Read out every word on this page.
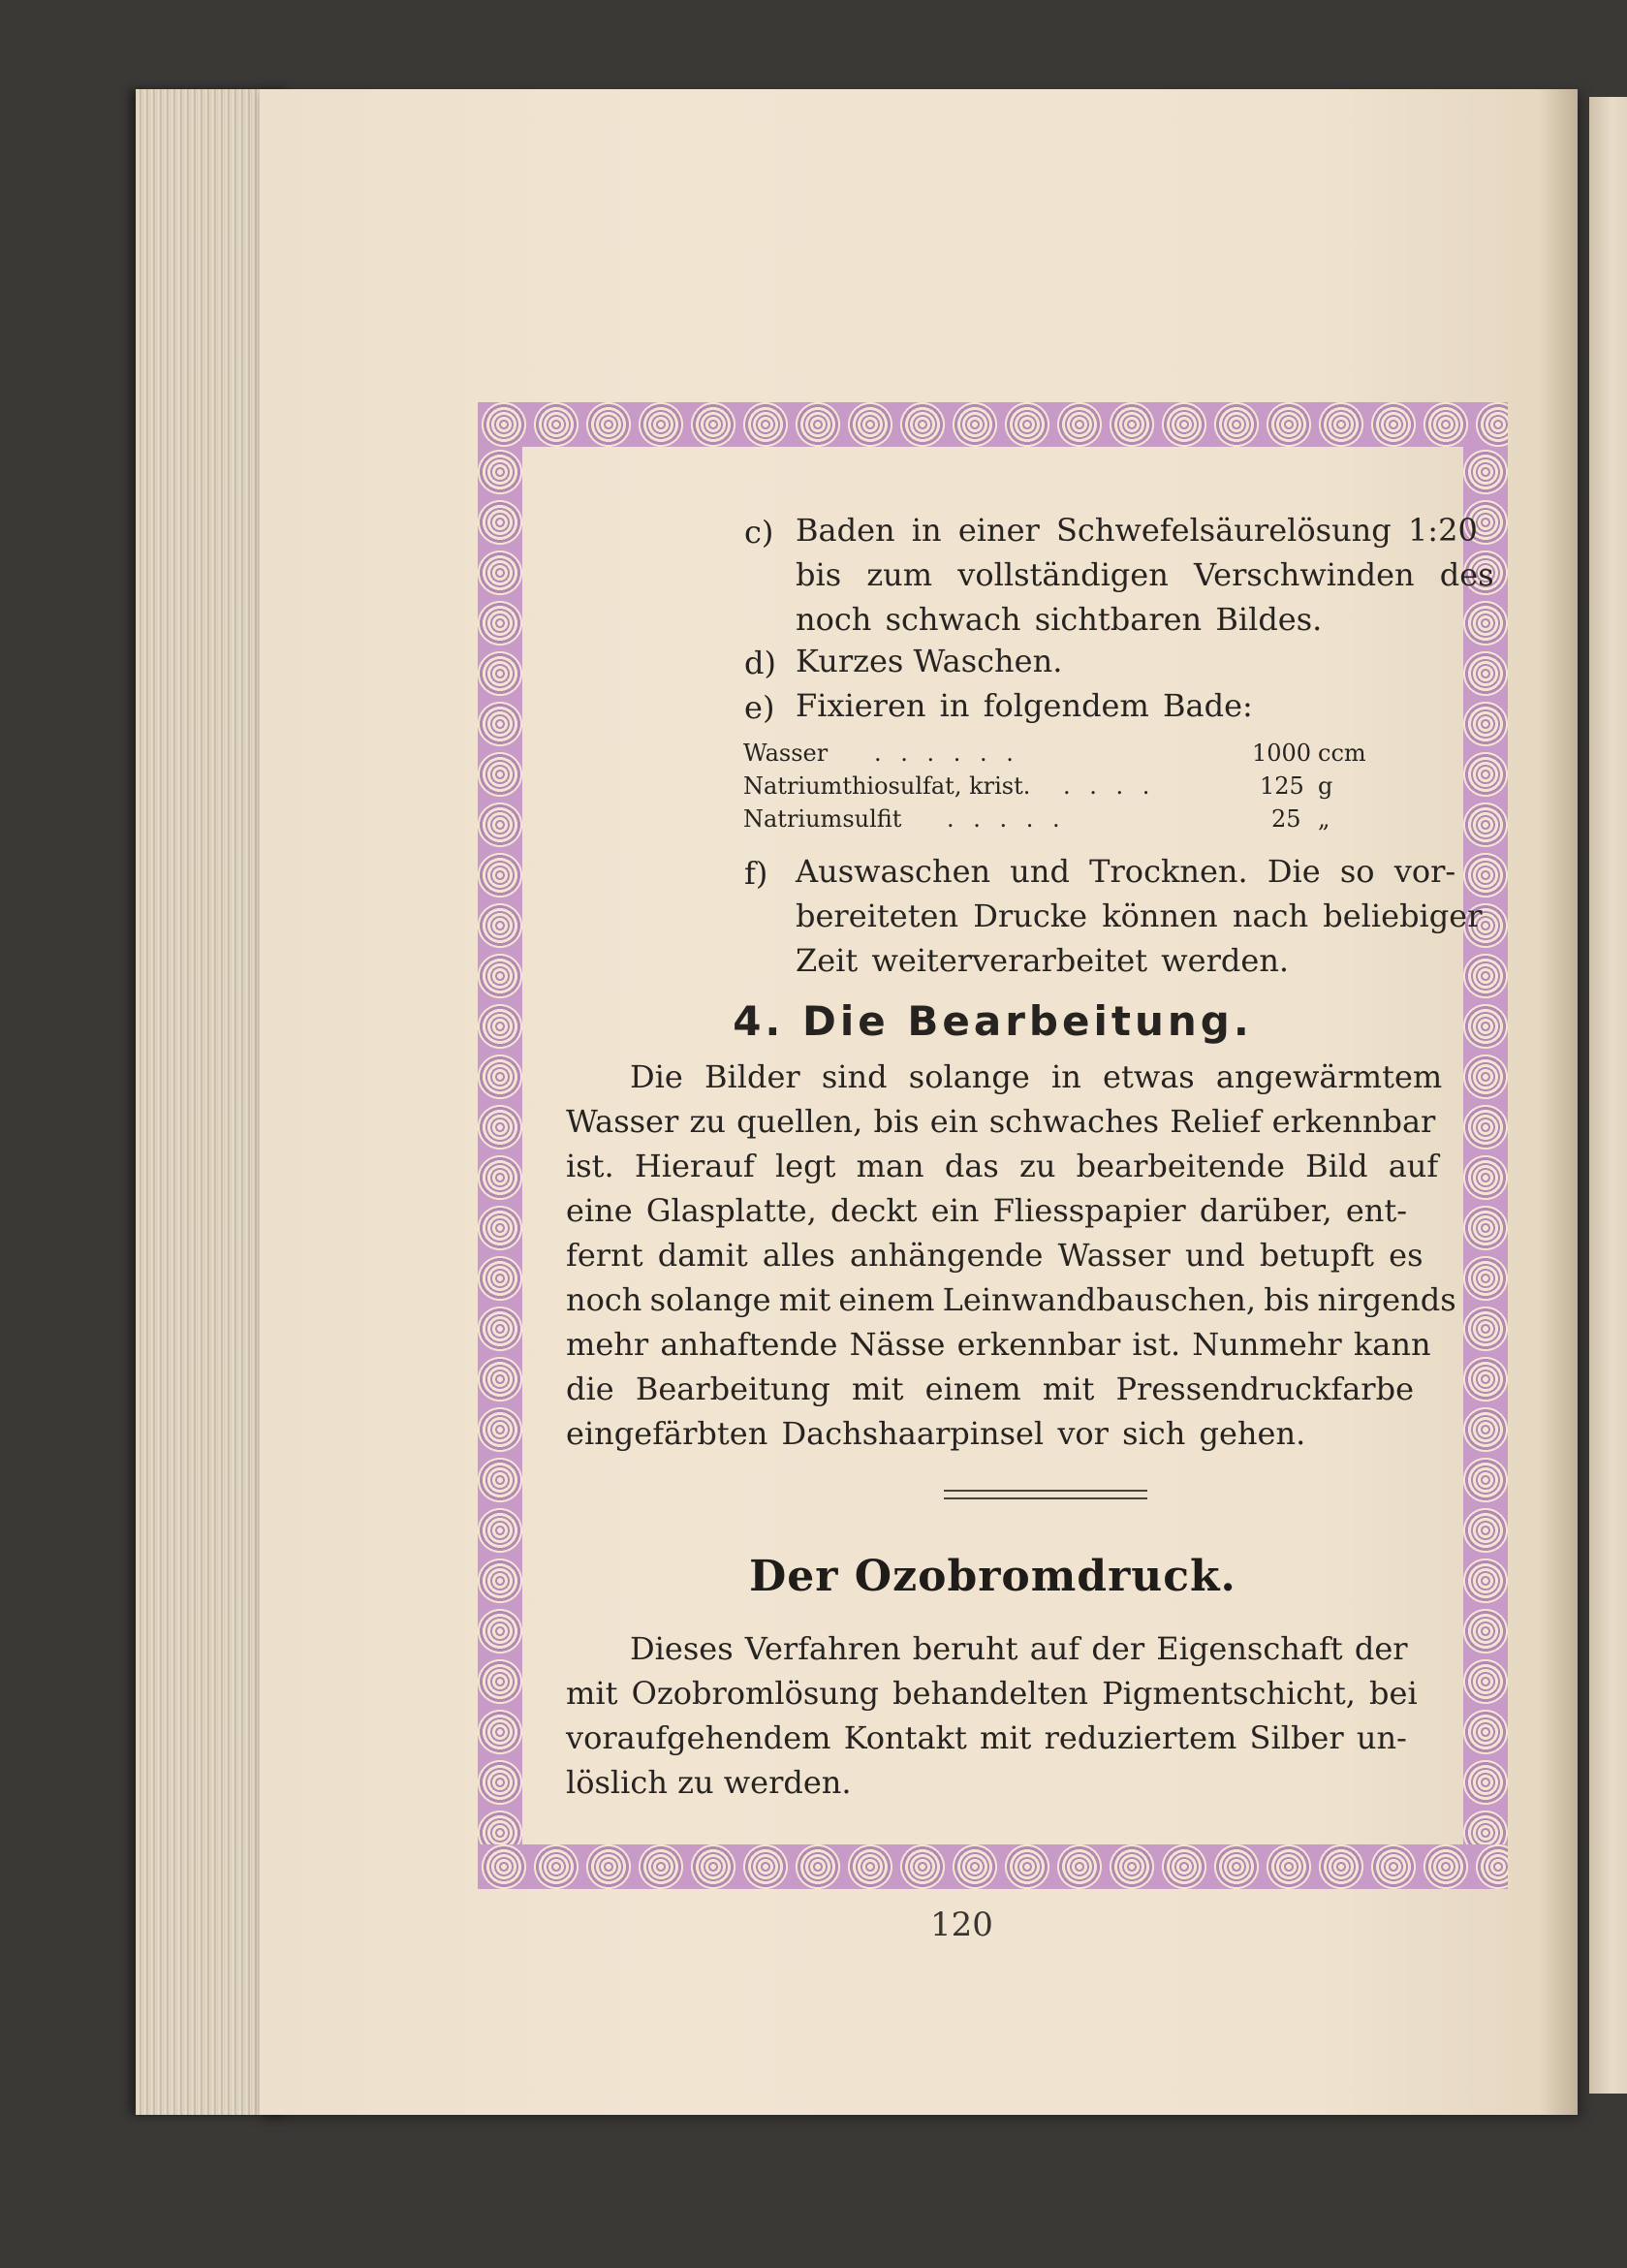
c) Baden in einer Schwefelsäurelösung 1:20
bis zum vollständigen Verschwinden des
noch schwach sichtbaren Bildes.
d) Kurzes Waschen.
e) Fixieren in folgendem Bade:
Wasser . . . . . .	1000 ccm
Natriumthiosulfat, krist. . . . .	125 g
Natriumsulfit . . . . .	25 „
f) Auswaschen und Trocknen. Die so vor-
bereiteten Drucke können nach beliebiger
Zeit weiterverarbeitet werden.
4. Die Bearbeitung.
Die Bilder sind solange in etwas angewärmtem
Wasser zu quellen, bis ein schwaches Relief erkennbar
ist. Hierauf legt man das zu bearbeitende Bild auf
eine Glasplatte, deckt ein Fliesspapier darüber, ent-
fernt damit alles anhängende Wasser und betupft es
noch solange mit einem Leinwandbauschen, bis nirgends
mehr anhaftende Nässe erkennbar ist. Nunmehr kann
die Bearbeitung mit einem mit Pressendruckfarbe
eingefärbten Dachshaarpinsel vor sich gehen.
Der Ozobromdruck.
Dieses Verfahren beruht auf der Eigenschaft der
mit Ozobromlösung behandelten Pigmentschicht, bei
voraufgehendem Kontakt mit reduziertem Silber un-
löslich zu werden.
120
